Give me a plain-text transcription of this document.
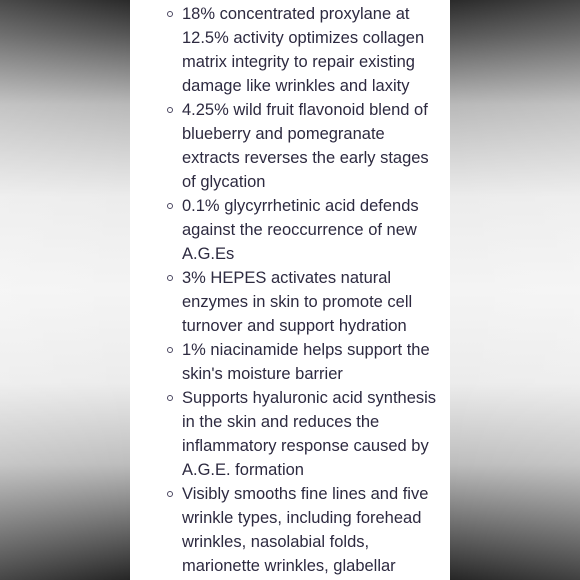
18% concentrated proxylane at 12.5% activity optimizes collagen matrix integrity to repair existing damage like wrinkles and laxity
4.25% wild fruit flavonoid blend of blueberry and pomegranate extracts reverses the early stages of glycation
0.1% glycyrrhetinic acid defends against the reoccurrence of new A.G.Es
3% HEPES activates natural enzymes in skin to promote cell turnover and support hydration
1% niacinamide helps support the skin's moisture barrier
Supports hyaluronic acid synthesis in the skin and reduces the inflammatory response caused by A.G.E. formation
Visibly smooths fine lines and five wrinkle types, including forehead wrinkles, nasolabial folds, marionette wrinkles, glabellar
